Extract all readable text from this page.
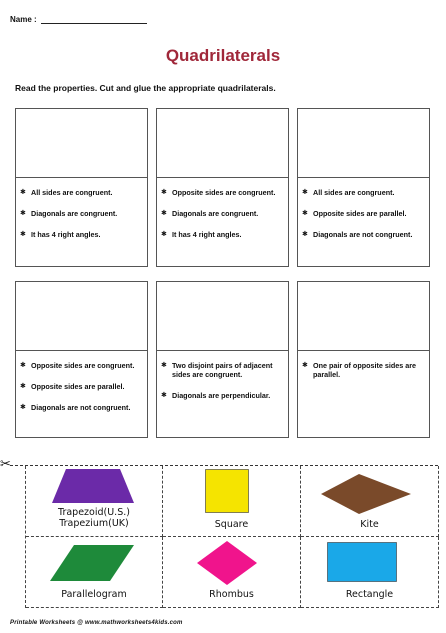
Name :
Quadrilaterals
Read the properties. Cut and glue the appropriate quadrilaterals.
✱ All sides are congruent.
✱ Diagonals are congruent.
✱ It has 4 right angles.
✱ Opposite sides are congruent.
✱ Diagonals are congruent.
✱ It has 4 right angles.
✱ All sides are congruent.
✱ Opposite sides are parallel.
✱ Diagonals are not congruent.
✱ Opposite sides are congruent.
✱ Opposite sides are parallel.
✱ Diagonals are not congruent.
✱ Two disjoint pairs of adjacent sides are congruent.
✱ Diagonals are perpendicular.
✱ One pair of opposite sides are parallel.
✂
Trapezoid(U.S.)
Trapezium(UK)	Square	Kite
Parallelogram	Rhombus	Rectangle
Printable Worksheets @ www.mathworksheets4kids.com
